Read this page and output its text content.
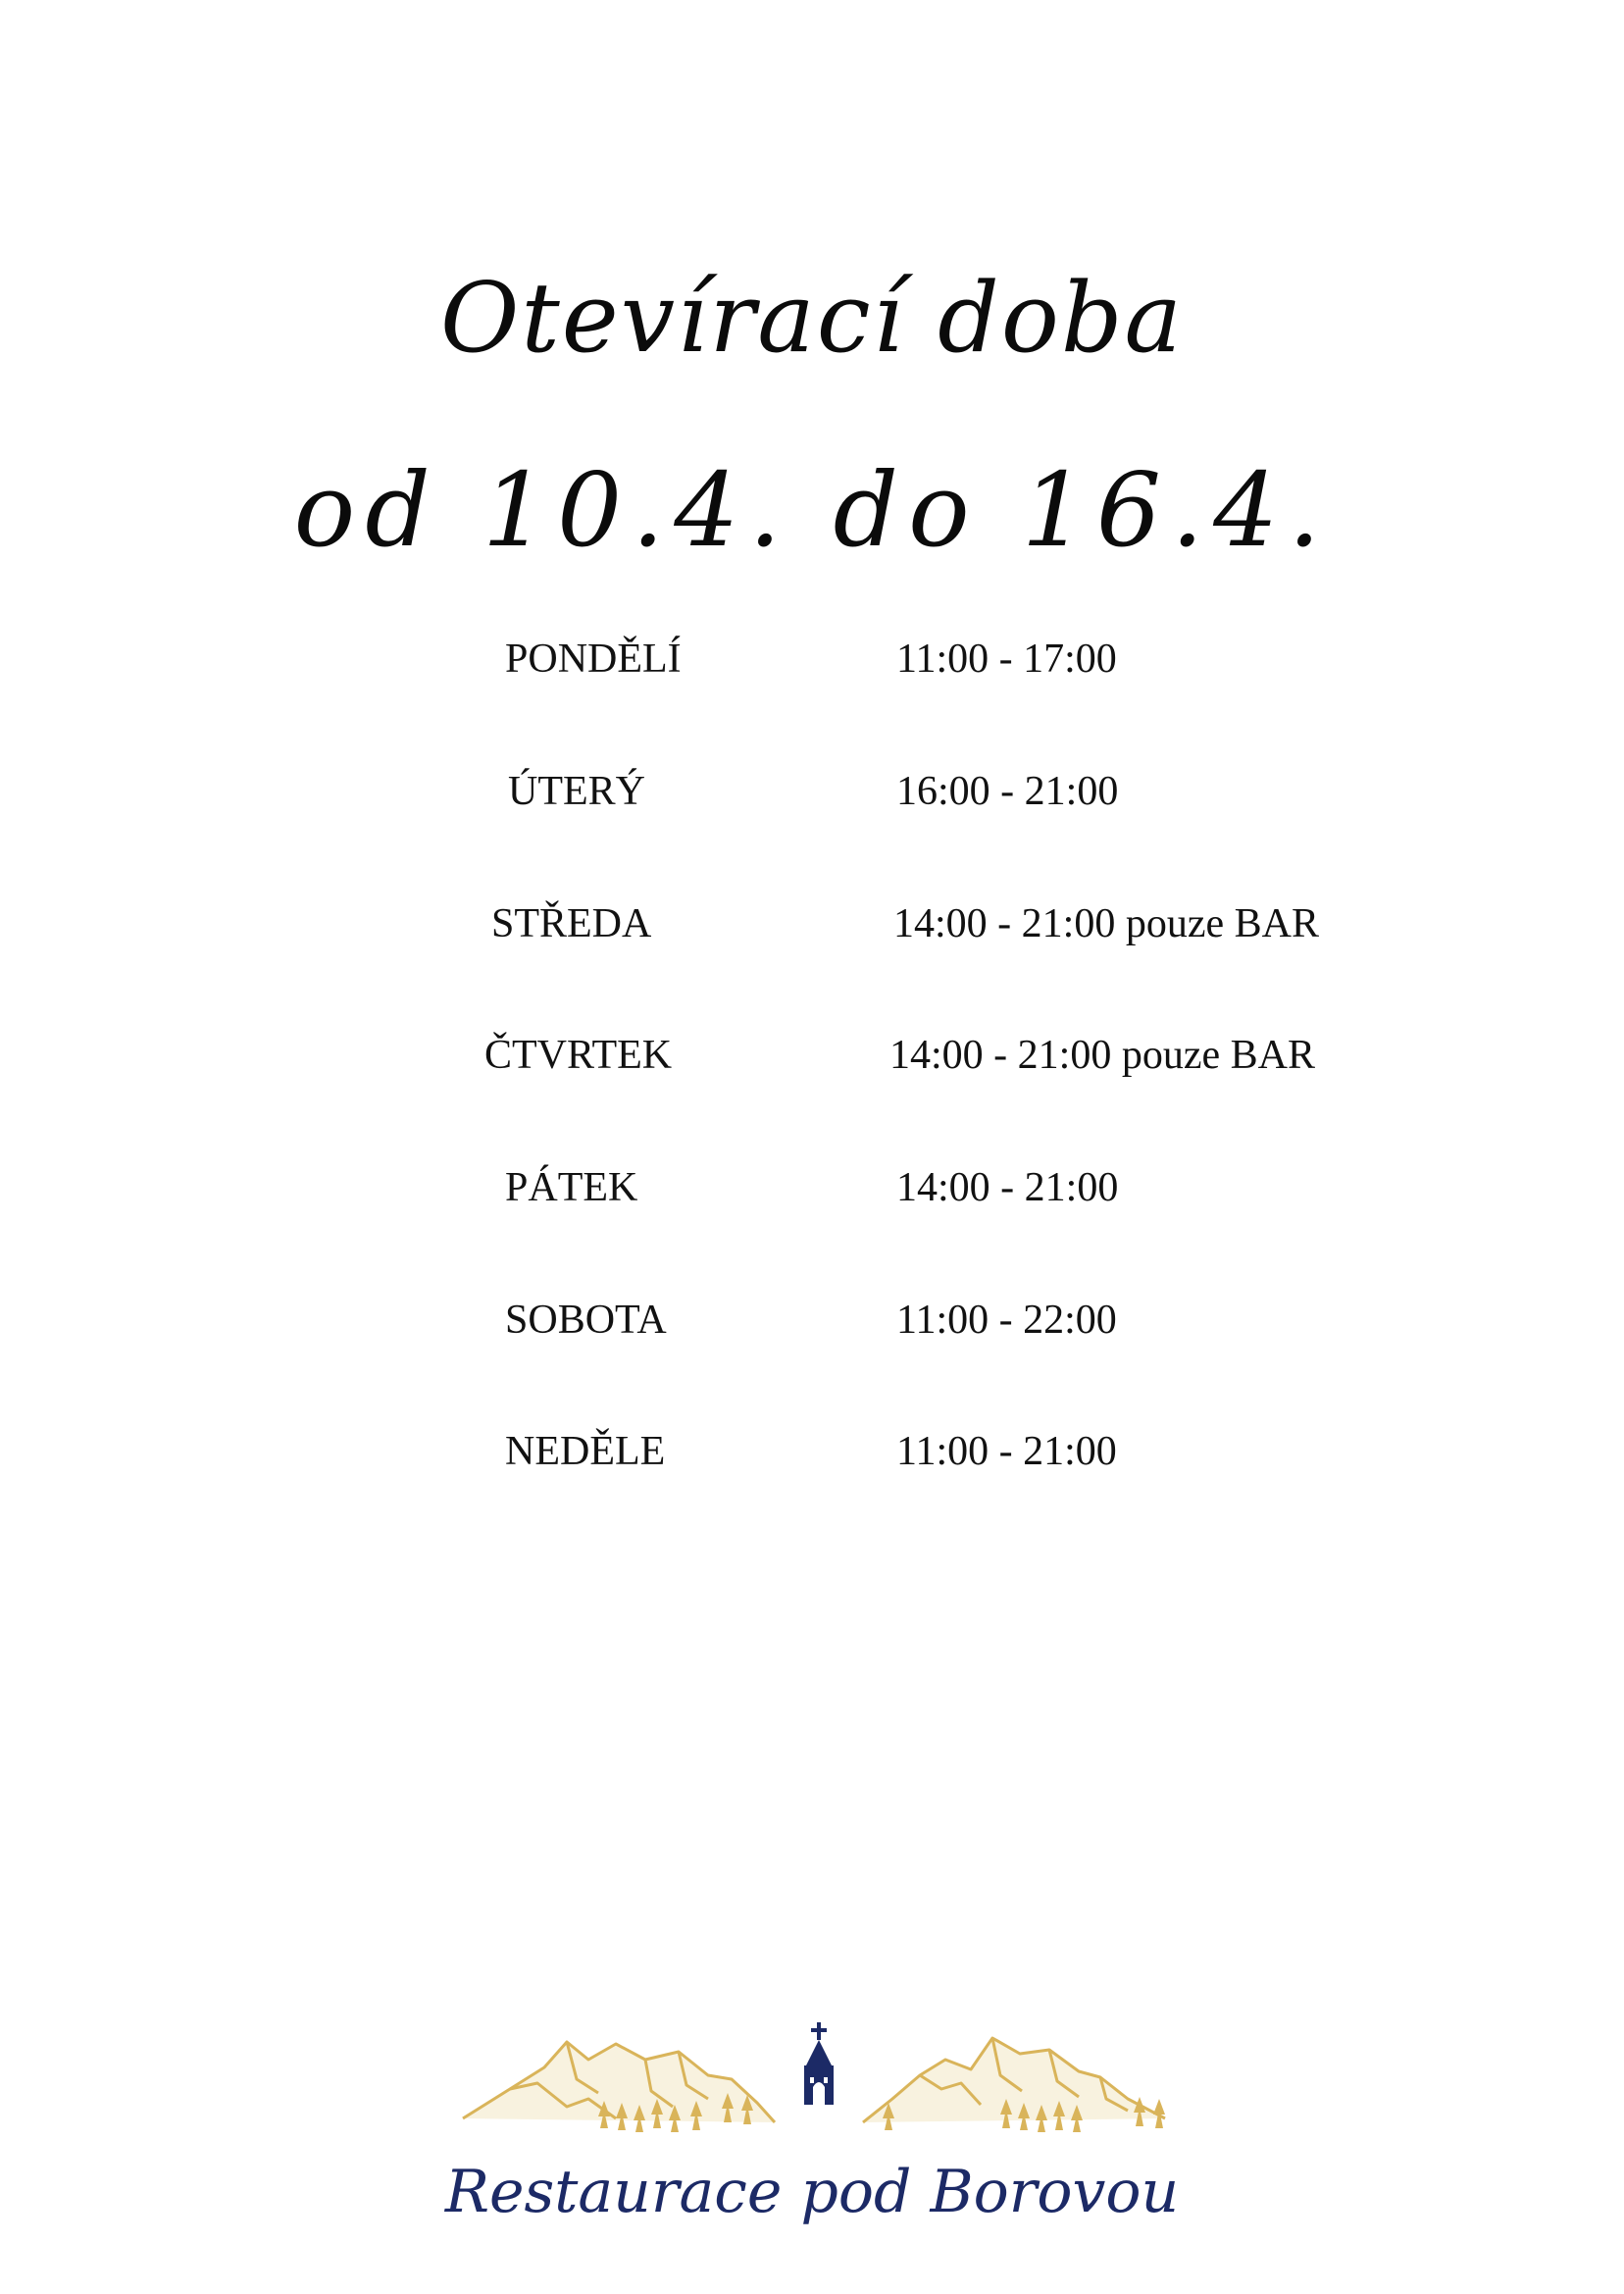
Otevírací doba
od 10.4. do 16.4.
PONDĚLÍ	11:00 - 17:00
ÚTERÝ	16:00 - 21:00
STŘEDA	14:00 - 21:00 pouze BAR
ČTVRTEK	14:00 - 21:00 pouze BAR
PÁTEK	14:00 - 21:00
SOBOTA	11:00 - 22:00
NEDĚLE	11:00 - 21:00
Restaurace pod Borovou
